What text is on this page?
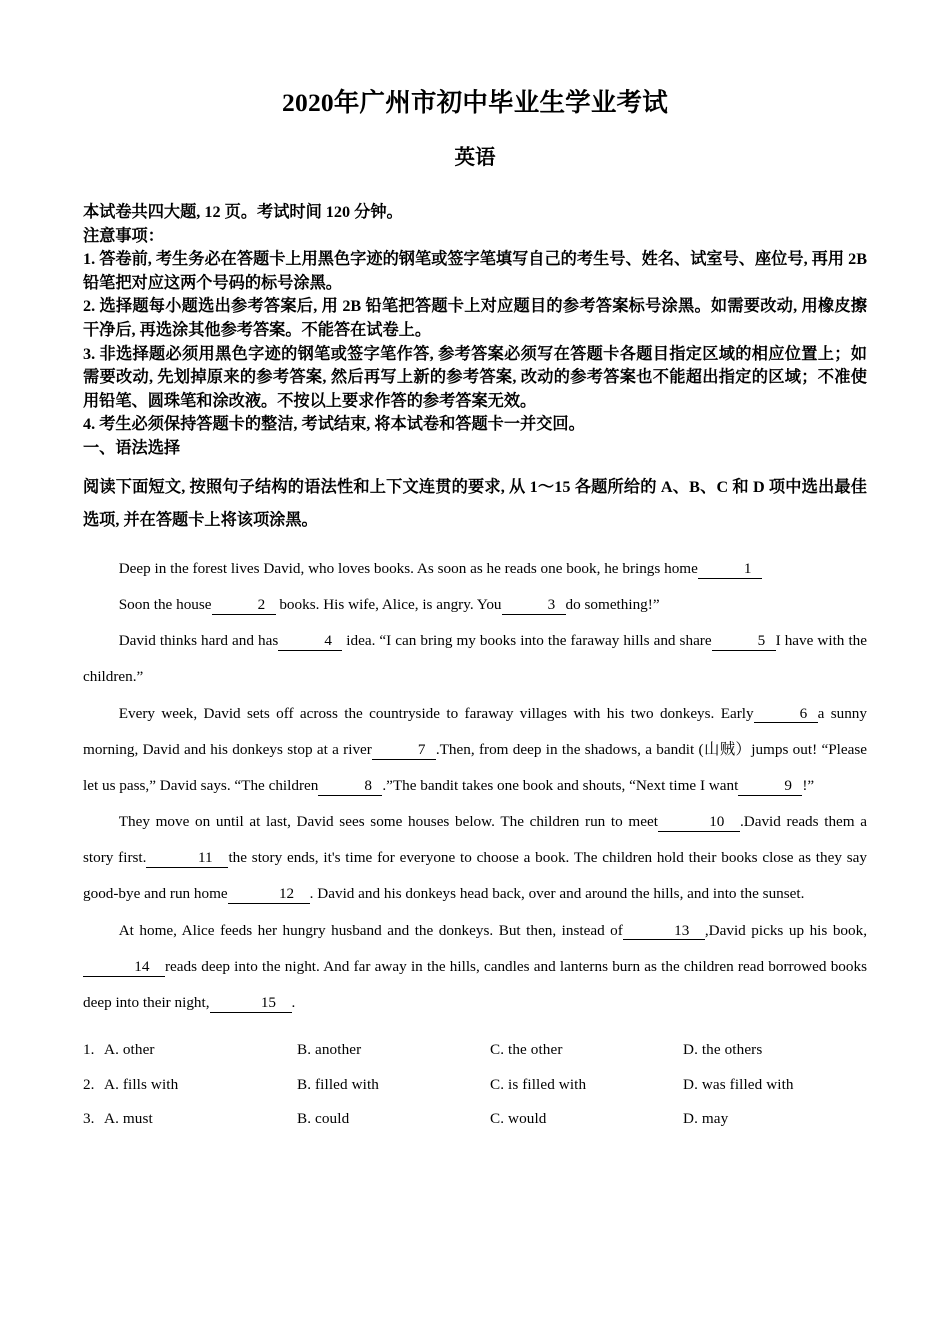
2020年广州市初中毕业生学业考试
英语

本试卷共四大题, 12 页。考试时间 120 分钟。

注意事项：

1. 答卷前, 考生务必在答题卡上用黑色字迹的钢笔或签字笔填写自己的考生号、姓名、试室号、座位号, 再用 2B 铅笔把对应这两个号码的标号涂黑。

2. 选择题每小题选出参考答案后, 用 2B 铅笔把答题卡上对应题目的参考答案标号涂黑。如需要改动, 用橡皮擦干净后, 再选涂其他参考答案。不能答在试卷上。

3. 非选择题必须用黑色字迹的钢笔或签字笔作答, 参考答案必须写在答题卡各题目指定区域的相应位置上；如需要改动, 先划掉原来的参考答案, 然后再写上新的参考答案, 改动的参考答案也不能超出指定的区域；不准使用铅笔、圆珠笔和涂改液。不按以上要求作答的参考答案无效。

4. 考生必须保持答题卡的整洁, 考试结束, 将本试卷和答题卡一并交回。

一、语法选择

阅读下面短文, 按照句子结构的语法性和上下文连贯的要求, 从 1〜15 各题所给的 A、B、C 和 D 项中选出最佳选项, 并在答题卡上将该项涂黑。

Deep in the forest lives David, who loves books. As soon as he reads one book, he brings home	1

Soon the house	2 books. His wife, Alice, is angry. You	3 do something!”

David thinks hard and has	4 idea. “I can bring my books into the faraway hills and share	5 I have with the children.”

Every week, David sets off across the countryside to faraway villages with his two donkeys. Early	6 a sunny morning, David and his donkeys stop at a river	7 .Then, from deep in the shadows, a bandit (山贼）jumps out! “Please let us pass,” David says. “The children	8 .”The bandit takes one book and shouts, “Next time I want	9 !”

They move on until at last, David sees some houses below. The children run to meet	10 .David reads them a story first.	11 the story ends, it's time for everyone to choose a book. The children hold their books close as they say good-bye and run home	12 . David and his donkeys head back, over and around the hills, and into the sunset.

At home, Alice feeds her hungry husband and the donkeys. But then, instead of	13 ,David picks up his book,14 reads deep into the night. And far away in the hills, candles and lanterns burn as the children read borrowed books deep into their night,	15 .

1. A. other	B. another	C. the other	D. the others
2. A. fills with	B. filled with	C. is filled with	D. was filled with
3. A. must	B. could	C. would	D. may
